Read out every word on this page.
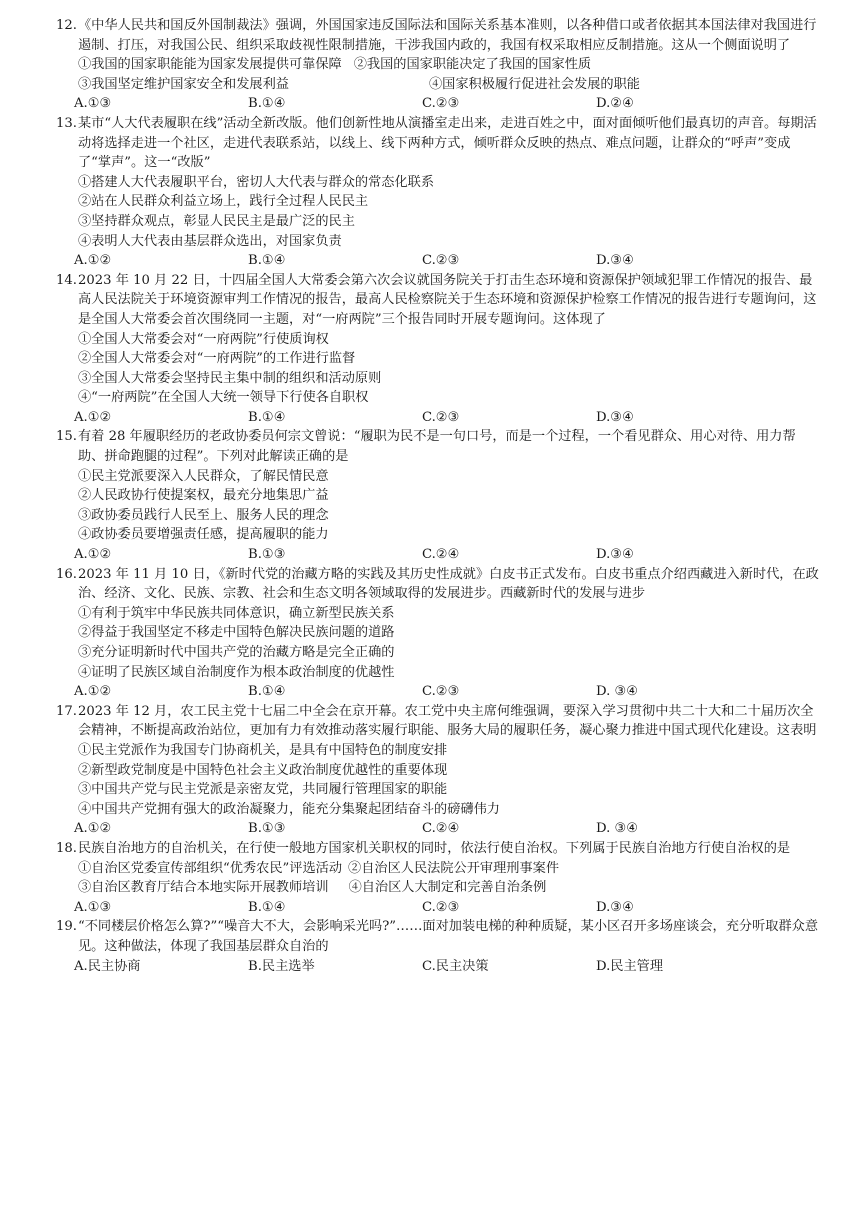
12.《中华人民共和国反外国制裁法》强调，外国国家违反国际法和国际关系基本准则，以各种借口或者依据其本国法律对我国进行遏制、打压，对我国公民、组织采取歧视性限制措施，干涉我国内政的，我国有权采取相应反制措施。这从一个侧面说明了

①我国的国家职能能为国家发展提供可靠保障 ②我国的国家职能决定了我国的国家性质

③我国坚定维护国家安全和发展利益	④国家积极履行促进社会发展的职能

A.①③	B.①④	C.②③	D.②④

13.某市“人大代表履职在线”活动全新改版。他们创新性地从演播室走出来，走进百姓之中，面对面倾听他们最真切的声音。每期活动将选择走进一个社区，走进代表联系站，以线上、线下两种方式，倾听群众反映的热点、难点问题，让群众的“呼声”变成了“掌声”。这一“改版”

①搭建人大代表履职平台，密切人大代表与群众的常态化联系

②站在人民群众利益立场上，践行全过程人民民主

③坚持群众观点，彰显人民民主是最广泛的民主

④表明人大代表由基层群众选出，对国家负责

A.①②	B.①④	C.②③	D.③④

14.2023 年 10 月 22 日，十四届全国人大常委会第六次会议就国务院关于打击生态环境和资源保护领域犯罪工作情况的报告、最高人民法院关于环境资源审判工作情况的报告，最高人民检察院关于生态环境和资源保护检察工作情况的报告进行专题询问，这是全国人大常委会首次围绕同一主题，对“一府两院”三个报告同时开展专题询问。这体现了

①全国人大常委会对“一府两院”行使质询权

②全国人大常委会对“一府两院”的工作进行监督

③全国人大常委会坚持民主集中制的组织和活动原则

④“一府两院”在全国人大统一领导下行使各自职权

A.①②	B.①④	C.②③	D.③④

15.有着 28 年履职经历的老政协委员何宗文曾说：“履职为民不是一句口号，而是一个过程，一个看见群众、用心对待、用力帮助、拼命跑腿的过程”。下列对此解读正确的是

①民主党派要深入人民群众，了解民情民意

②人民政协行使提案权，最充分地集思广益

③政协委员践行人民至上、服务人民的理念

④政协委员要增强责任感，提高履职的能力

A.①②	B.①③	C.②④	D.③④

16.2023 年 11 月 10 日，《新时代党的治藏方略的实践及其历史性成就》白皮书正式发布。白皮书重点介绍西藏进入新时代，在政治、经济、文化、民族、宗教、社会和生态文明各领域取得的发展进步。西藏新时代的发展与进步

①有利于筑牢中华民族共同体意识，确立新型民族关系

②得益于我国坚定不移走中国特色解决民族问题的道路

③充分证明新时代中国共产党的治藏方略是完全正确的

④证明了民族区域自治制度作为根本政治制度的优越性

A.①②	B.①④	C.②③	D. ③④

17.2023 年 12 月，农工民主党十七届二中全会在京开幕。农工党中央主席何维强调，要深入学习贯彻中共二十大和二十届历次全会精神，不断提高政治站位，更加有力有效推动落实履行职能、服务大局的履职任务，凝心聚力推进中国式现代化建设。这表明

①民主党派作为我国专门协商机关，是具有中国特色的制度安排

②新型政党制度是中国特色社会主义政治制度优越性的重要体现

③中国共产党与民主党派是亲密友党，共同履行管理国家的职能

④中国共产党拥有强大的政治凝聚力，能充分集聚起团结奋斗的磅礴伟力

A.①②	B.①③	C.②④	D. ③④

18.民族自治地方的自治机关，在行使一般地方国家机关职权的同时，依法行使自治权。下列属于民族自治地方行使自治权的是

①自治区党委宣传部组织“优秀农民”评选活动 ②自治区人民法院公开审理刑事案件

③自治区教育厅结合本地实际开展教师培训 ④自治区人大制定和完善自治条例

A.①③	B.①④	C.②③	D.③④

19.“不同楼层价格怎么算?”“噪音大不大，会影响采光吗?”……面对加装电梯的种种质疑，某小区召开多场座谈会，充分听取群众意见。这种做法，体现了我国基层群众自治的

A.民主协商	B.民主选举	C.民主决策	D.民主管理
